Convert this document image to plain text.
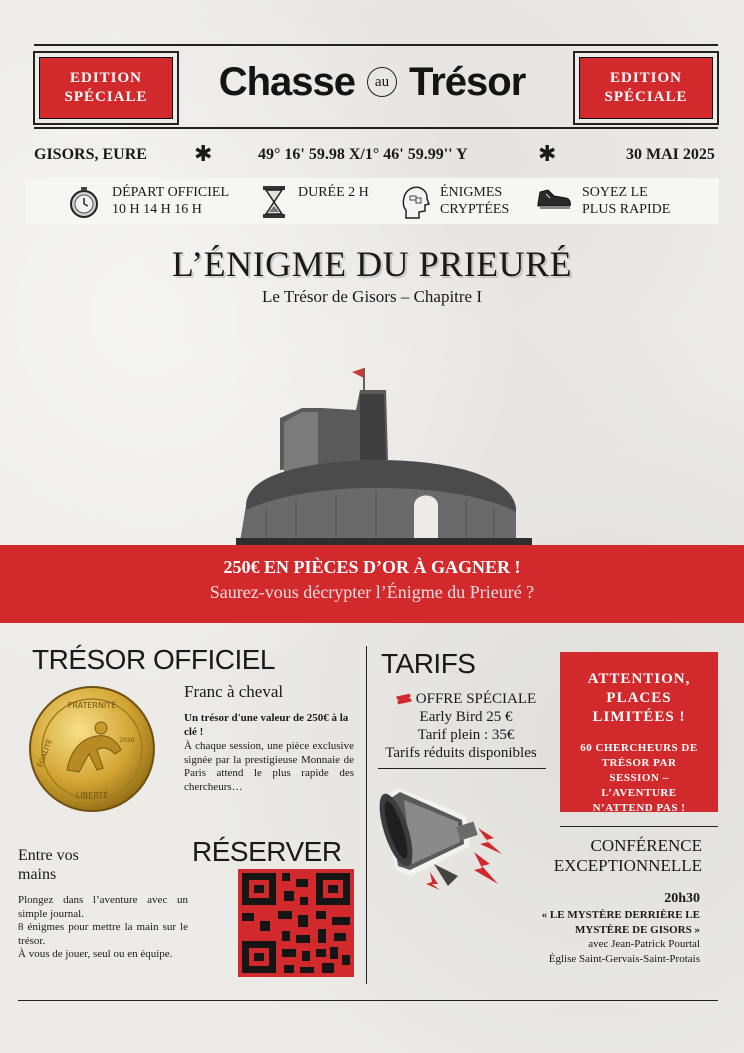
EDITION
SPÉCIALE Chasse	au Trésor	EDITION
SPÉCIALE
GISORS, EURE ✱	49° 16' 59.98 X/1° 46' 59.99'' Y	✱	30 MAI 2025
DÉPART OFFICIEL
10 H 14 H 16 H
DURÉE 2 H	ÉNIGMES
CRYPTÉES
SOYEZ LE
PLUS RAPIDE
L’ÉNIGME DU PRIEURÉ
Le Trésor de Gisors – Chapitre I
250€ EN PIÈCES D’OR À GAGNER !
Saurez-vous décrypter l’Énigme du Prieuré ?
TRÉSOR OFFICIEL
FRATERNITÉ
ÉGALITÉ
LIBERTÉ
2020
Franc à cheval
Un trésor d'une valeur de 250€ à la clé !
À chaque session, une pièce exclusive signée par la prestigieuse Monnaie de Paris attend le plus rapide des chercheurs…
Entre vos
mains
Plongez dans l’aventure avec un simple journal.
8 énigmes pour mettre la main sur le trésor.
À vous de jouer, seul ou en équipe.
RÉSERVER
TARIFS
OFFRE SPÉCIALE
Early Bird 25 €
Tarif plein : 35€
Tarifs réduits disponibles
ATTENTION,
PLACES
LIMITÉES !
60 CHERCHEURS DE
TRÉSOR PAR
SESSION –
L’AVENTURE
N’ATTEND PAS !
CONFÉRENCE
EXCEPTIONNELLE
20h30
« LE MYSTÈRE DERRIÈRE LE
MYSTÈRE DE GISORS »
avec Jean-Patrick Pourtal
Église Saint-Gervais-Saint-Protais
